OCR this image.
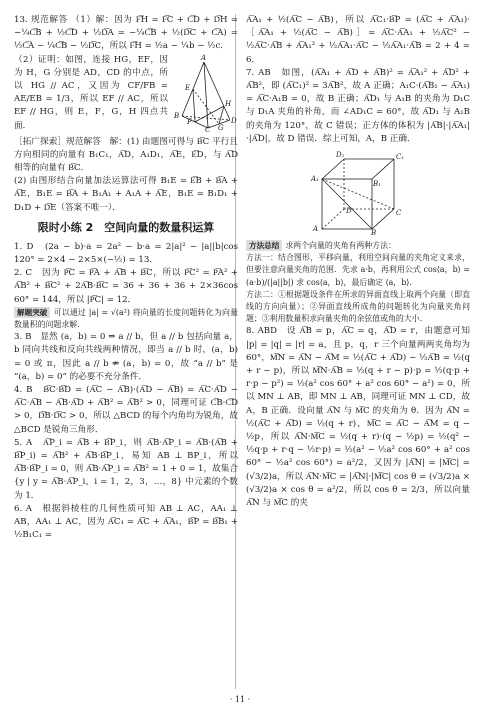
13. 规范解答 （1）解：因为 F͞H = F͞C + C͞D + D͞H = −¼C͞B + ½C͞D + ½D͞A = −¼C͞B + ½(D͞C + C͞A) = ½C͞A − ¼C͞B − ½D͞C，所以 F͞H = ½a − ¼b − ½c．

A
B
C
D
E
F
G
H

（2）证明：如图，连接 HG，EF，因为 H，G 分别是 AD，CD 的中点，所以 HG // AC，又因为 CF/FB = AE/EB = 1/3，所以 EF // AC，所以 EF // HG，则 E，F，G，H 四点共面．

［拓广探索］规范解答　解：(1) 由题图可得与 B͞C 平行且方向相同的向量有 B₁C₁，A͞D，A₁D₁，A͞E，E͞D，与 A͞D 相等的向量有 B͞C．

(2) 由图形结合向量加法运算法可得 B₁E = E͞B + B͞A + A͞E，B₁E = B͞A + B₁A₁ + A₁A + A͞E，B₁E = B₁D₁ + D₁D + D͞E（答案不唯一）．

限时小练 2　空间向量的数量积运算

1. D　(2a − b)·a = 2a² − b·a = 2|a|² − |a||b|cos 120° = 2×4 − 2×5×(−½) = 13．

2. C　因为 P͞C = P͞A + A͞B + B͞C，所以 P͞C² = P͞A² + A͞B² + B͞C² + 2A͞B·B͞C = 36 + 36 + 36 + 2×36cos 60° = 144，所以 |P͞C| = 12．

解题突破 可以通过 |a| = √(a²) 将向量的长度问题转化为向量数量积的问题求解．

3. B　显然 (a，b) = 0 ⇒ a // b，但 a // b 包括向量 a，b 同向共线和反向共线两种情况，即当 a // b 时，(a，b) = 0 或 π，因此 a // b ⇏ (a，b) = 0，故 “a // b” 是 “(a，b) = 0” 的必要不充分条件．

4. B　B͞C·B͞D = (A͞C − A͞B)·(A͞D − A͞B) = A͞C·A͞D − A͞C·A͞B − A͞B·A͞D + A͞B² = A͞B² > 0，同理可证 C͞B·C͞D > 0，D͞B·D͞C > 0，所以 △BCD 的每个内角均为锐角，故 △BCD 是锐角三角形．

5. A　A͞P_i = A͞B + B͞P_i，则 A͞B·A͞P_i = A͞B·(A͞B + B͞P_i) = A͞B² + A͞B·B͞P_i，易知 AB ⊥ BP_i，所以 A͞B·B͞P_i = 0，则 A͞B·A͞P_i = A͞B² = 1 + 0 = 1，故集合 {y | y = A͞B·A͞P_i，i = 1，2，3，…，8} 中元素的个数为 1．

6. A　根据斜棱柱的几何性质可知 AB ⊥ AC，AA₁ ⊥ AB，AA₁ ⊥ AC，因为 A͞C₁ = A͞C + A͞A₁，B͞P = B͞B₁ + ½B₁C₁ =

A͞A₁ + ½(A͞C − A͞B)，所以 A͞C₁·B͞P = (A͞C + A͞A₁)·［A͞A₁ + ½(A͞C − A͞B)］= A͞C·A͞A₁ + ½A͞C² − ½A͞C·A͞B + A͞A₁² + ½A͞A₁·A͞C − ½A͞A₁·A͞B = 2 + 4 = 6．

7. AB　如图，(A͞A₁ + A͞D + A͞B)² = A͞A₁² + A͞D² + A͞B²，即 (A͞C₁)² = 3A͞B²，故 A 正确；A₁C·(A͞B₁ − A͞A₁) = A͞C·A₁B = 0，故 B 正确；A͞D₁ 与 A₁B 的夹角为 D₁C 与 D₁A 夹角的补角，而 ∠AD₁C = 60°，故 A͞D₁ 与 A₁B 的夹角为 120°，故 C 错误；正方体的体积为 |A͞B|·|A͞A₁|·|A͞D|，故 D 错误．综上可知，A，B 正确．

A	B
C
D
A₁
B₁
C₁
D₁

方法总结 求两个向量的夹角有两种方法：

方法一：结合图形，平移向量，利用空间向量的夹角定义来求，但要注意向量夹角的范围．先求 a·b，再利用公式 cos⟨a，b⟩ = (a·b)/(|a||b|) 求 cos⟨a，b⟩，最后确定 ⟨a，b⟩．

方法二：①根据题设条件在所求的异面直线上取两个向量（即直线的方向向量）；②异面直线所成角的问题转化为向量夹角问题；③利用数量积求向量夹角的余弦值或角的大小．

8. ABD　设 A͞B = p，A͞C = q，A͞D = r，由题意可知 |p| = |q| = |r| = a，且 p，q，r 三个向量两两夹角均为 60°，M͞N = A͞N − A͞M = ½(A͞C + A͞D) − ½A͞B = ½(q + r − p)，所以 M͞N·A͞B = ½(q + r − p)·p = ½(q·p + r·p − p²) = ½(a² cos 60° + a² cos 60° − a²) = 0，所以 MN ⊥ AB，即 MN ⊥ AB，同理可证 MN ⊥ CD，故 A，B 正确．设向量 A͞N 与 M͞C 的夹角为 θ．因为 A͞N = ½(A͞C + A͞D) = ½(q + r)，M͞C = A͞C − A͞M = q − ½p，所以 A͞N·M͞C = ½(q + r)·(q − ½p) = ½(q² − ½q·p + r·q − ½r·p) = ½(a² − ½a² cos 60° + a² cos 60° − ½a² cos 60°) = a²/2，又因为 |A͞N| = |M͞C| = (√3/2)a，所以 A͞N·M͞C = |A͞N|·|M͞C| cos θ = (√3/2)a × (√3/2)a × cos θ = a²/2，所以 cos θ = 2/3，所以向量 A͞N 与 M͞C 的夹

· 11 ·
